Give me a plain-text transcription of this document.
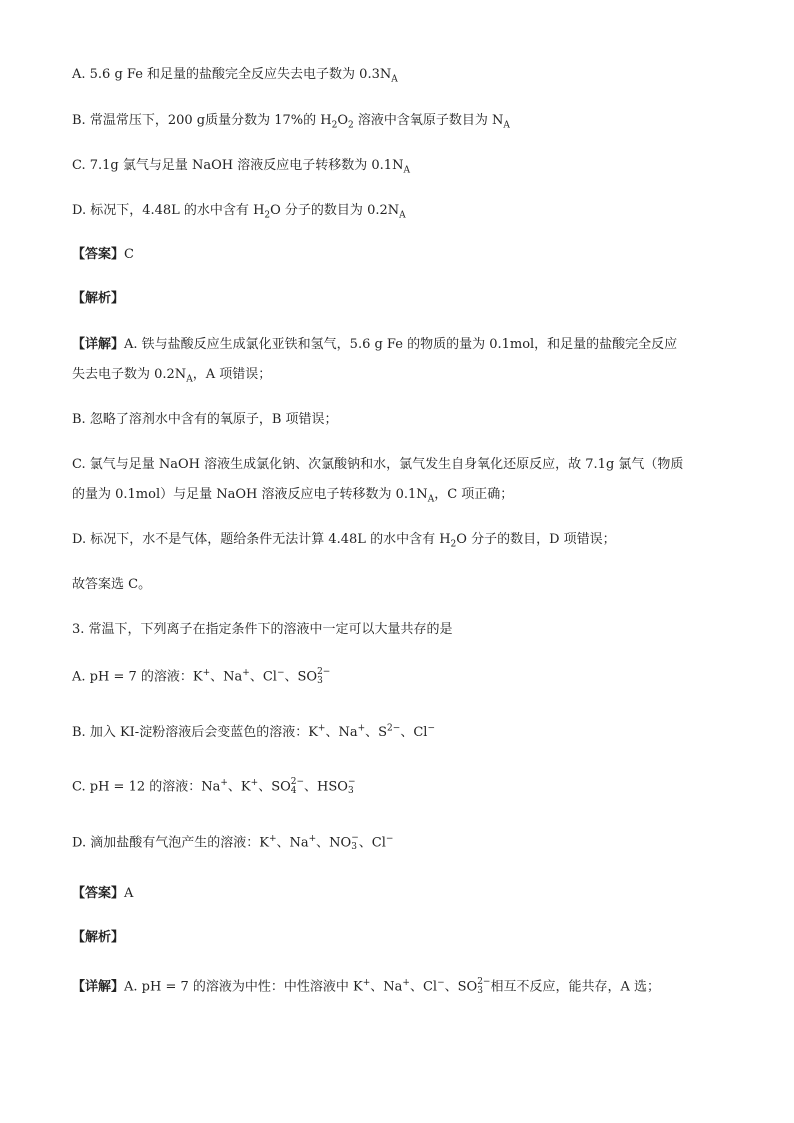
A. 5.6 g Fe 和足量的盐酸完全反应失去电子数为 $0.3N_A$
B. 常温常压下，200 g质量分数为 17%的 $H_2O_2$ 溶液中含氧原子数目为 $N_A$
C. 7.1g 氯气与足量 NaOH 溶液反应电子转移数为 $0.1N_A$
D. 标况下，4.48L 的水中含有 $H_2O$ 分子的数目为 $0.2N_A$
【答案】C
【解析】
【详解】A. 铁与盐酸反应生成氯化亚铁和氢气，5.6 g Fe 的物质的量为 0.1mol，和足量的盐酸完全反应
失去电子数为 $0.2N_A$，A 项错误；
B. 忽略了溶剂水中含有的氧原子，B 项错误；
C. 氯气与足量 NaOH 溶液生成氯化钠、次氯酸钠和水，氯气发生自身氧化还原反应，故 7.1g 氯气（物质
的量为 0.1mol）与足量 NaOH 溶液反应电子转移数为 $0.1N_A$，C 项正确；
D. 标况下，水不是气体，题给条件无法计算 4.48L 的水中含有 $H_2O$ 分子的数目，D 项错误；
故答案选 C。
3. 常温下，下列离子在指定条件下的溶液中一定可以大量共存的是
A. pH = 7 的溶液：K+、Na+、Cl−、SO 2−
3
B. 加入 KI-淀粉溶液后会变蓝色的溶液：K+、Na+、$S^{2-}$、Cl−
C. pH = 12 的溶液：Na+、K+、SO 2−
4 、HSO −
3
D. 滴加盐酸有气泡产生的溶液：K+、Na+、NO −
3 、Cl−
【答案】A
【解析】
【详解】A. pH = 7 的溶液为中性：中性溶液中 K+、Na+、Cl−、SO 2−
3 相互不反应，能共存，A 选；
